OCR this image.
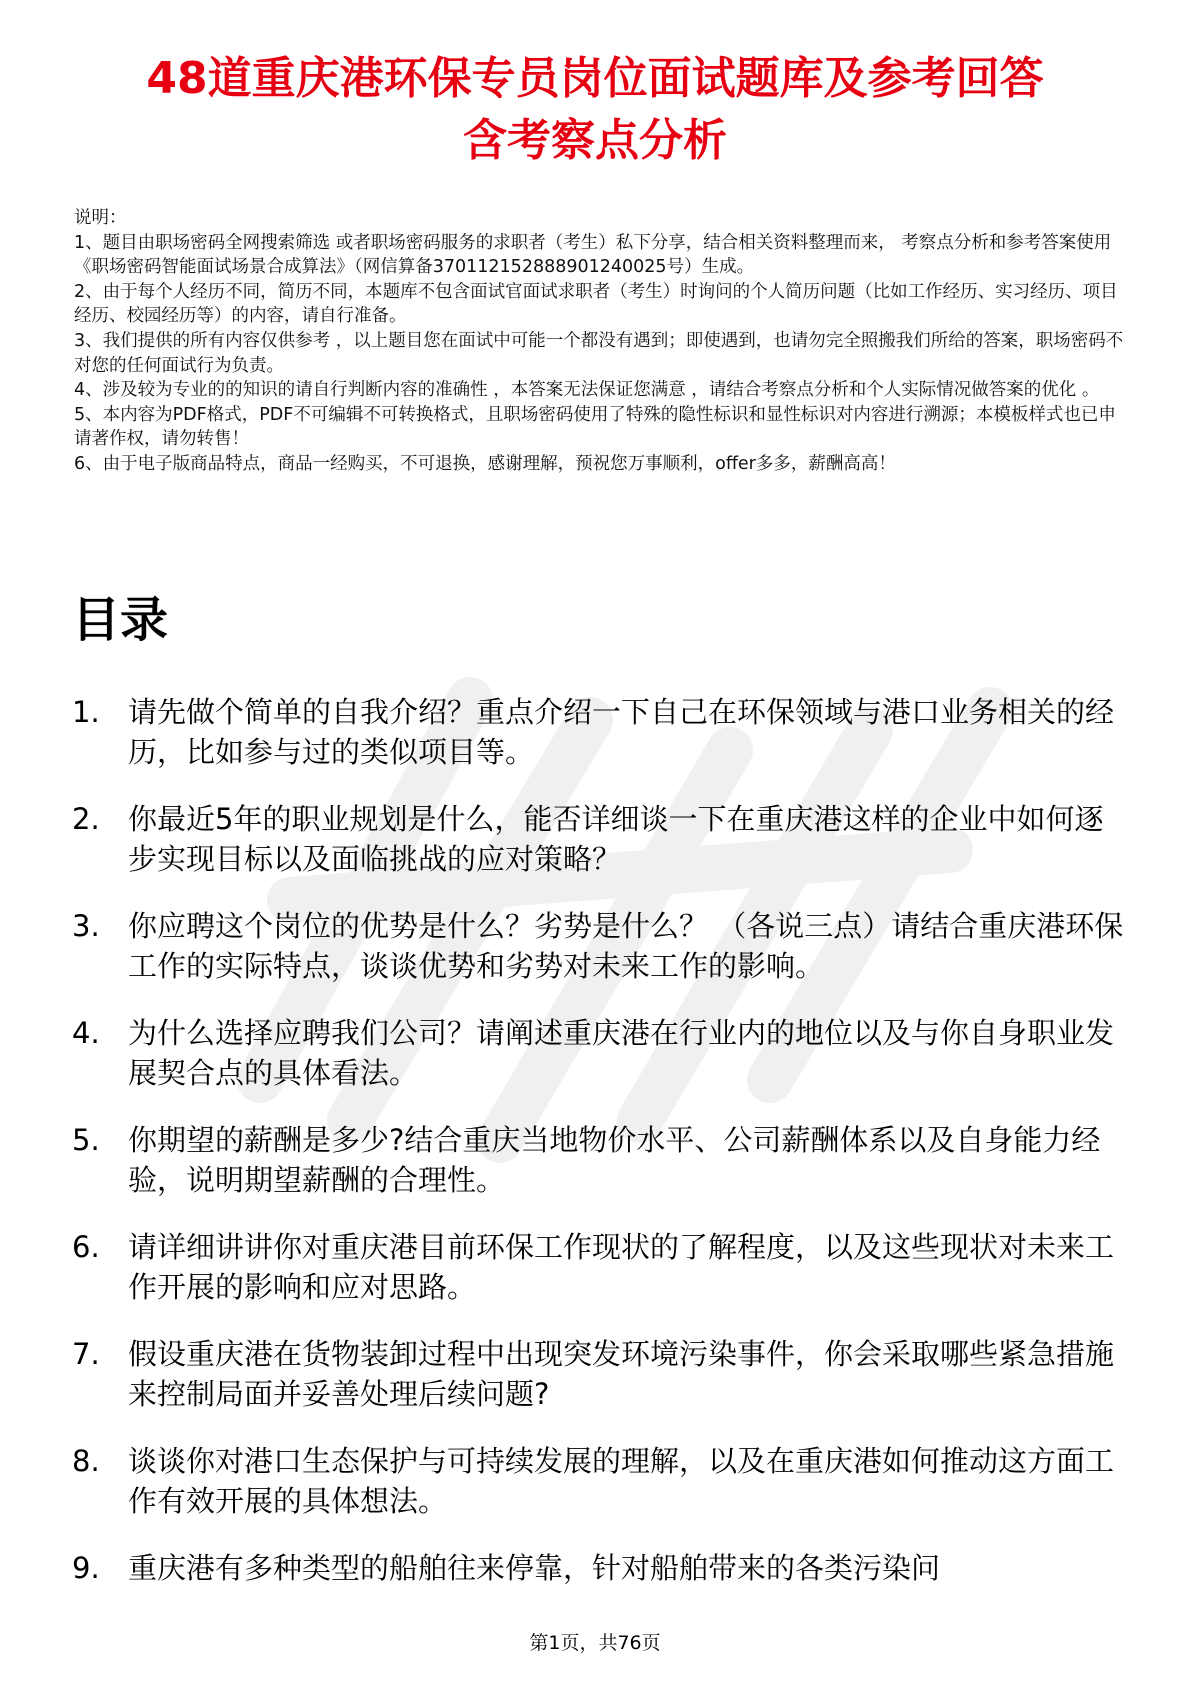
48道重庆港环保专员岗位面试题库及参考回答
含考察点分析

说明：

1、题目由职场密码全网搜索筛选 或者职场密码服务的求职者（考生）私下分享，结合相关资料整理而来， 考察点分析和参考答案使用《职场密码智能面试场景合成算法》（网信算备370112152888901240025号）生成。

2、由于每个人经历不同，简历不同，本题库不包含面试官面试求职者（考生）时询问的个人简历问题（比如工作经历、实习经历、项目经历、校园经历等）的内容，请自行准备。

3、我们提供的所有内容仅供参考 ，以上题目您在面试中可能一个都没有遇到；即使遇到，也请勿完全照搬我们所给的答案，职场密码不对您的任何面试行为负责。

4、涉及较为专业的的知识的请自行判断内容的准确性 ，本答案无法保证您满意 ，请结合考察点分析和个人实际情况做答案的优化 。

5、本内容为PDF格式，PDF不可编辑不可转换格式，且职场密码使用了特殊的隐性标识和显性标识对内容进行溯源；本模板样式也已申请著作权，请勿转售！

6、由于电子版商品特点，商品一经购买，不可退换，感谢理解，预祝您万事顺利，offer多多，薪酬高高！

目录
1. 请先做个简单的自我介绍？重点介绍一下自己在环保领域与港口业务相关的经历，比如参与过的类似项目等。
2. 你最近5年的职业规划是什么，能否详细谈一下在重庆港这样的企业中如何逐步实现目标以及面临挑战的应对策略？
3. 你应聘这个岗位的优势是什么？劣势是什么？ （各说三点）请结合重庆港环保工作的实际特点，谈谈优势和劣势对未来工作的影响。
4. 为什么选择应聘我们公司？请阐述重庆港在行业内的地位以及与你自身职业发展契合点的具体看法。
5. 你期望的薪酬是多少?结合重庆当地物价水平、公司薪酬体系以及自身能力经验，说明期望薪酬的合理性。
6. 请详细讲讲你对重庆港目前环保工作现状的了解程度，以及这些现状对未来工作开展的影响和应对思路。
7. 假设重庆港在货物装卸过程中出现突发环境污染事件，你会采取哪些紧急措施来控制局面并妥善处理后续问题?
8. 谈谈你对港口生态保护与可持续发展的理解，以及在重庆港如何推动这方面工作有效开展的具体想法。
9. 重庆港有多种类型的船舶往来停靠，针对船舶带来的各类污染问
第1页，共76页
